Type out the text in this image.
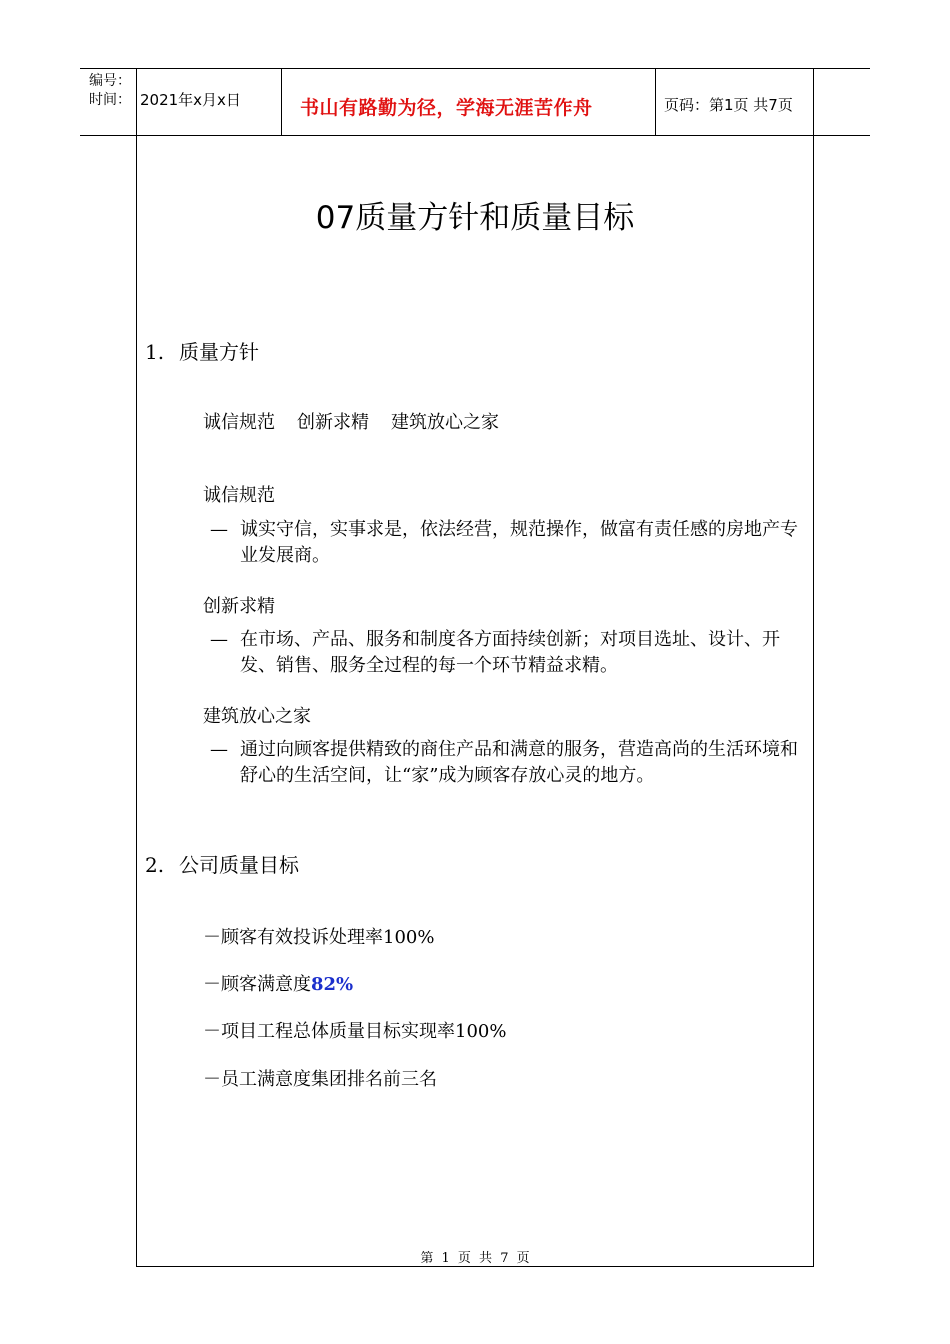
编号：
时间： 2021年x月x日	书山有路勤为径，学海无涯苦作舟	页码：第1页 共7页
07质量方针和质量目标
1. 质量方针
诚信规范 创新求精 建筑放心之家
诚信规范
— 诚实守信，实事求是，依法经营，规范操作，做富有责任感的房地产专业发展商。
创新求精
— 在市场、产品、服务和制度各方面持续创新；对项目选址、设计、开发、销售、服务全过程的每一个环节精益求精。
建筑放心之家
— 通过向顾客提供精致的商住产品和满意的服务，营造高尚的生活环境和舒心的生活空间，让“家”成为顾客存放心灵的地方。
2. 公司质量目标
－顾客有效投诉处理率100%
－顾客满意度82%
－项目工程总体质量目标实现率100%
－员工满意度集团排名前三名
第 1 页 共 7 页
